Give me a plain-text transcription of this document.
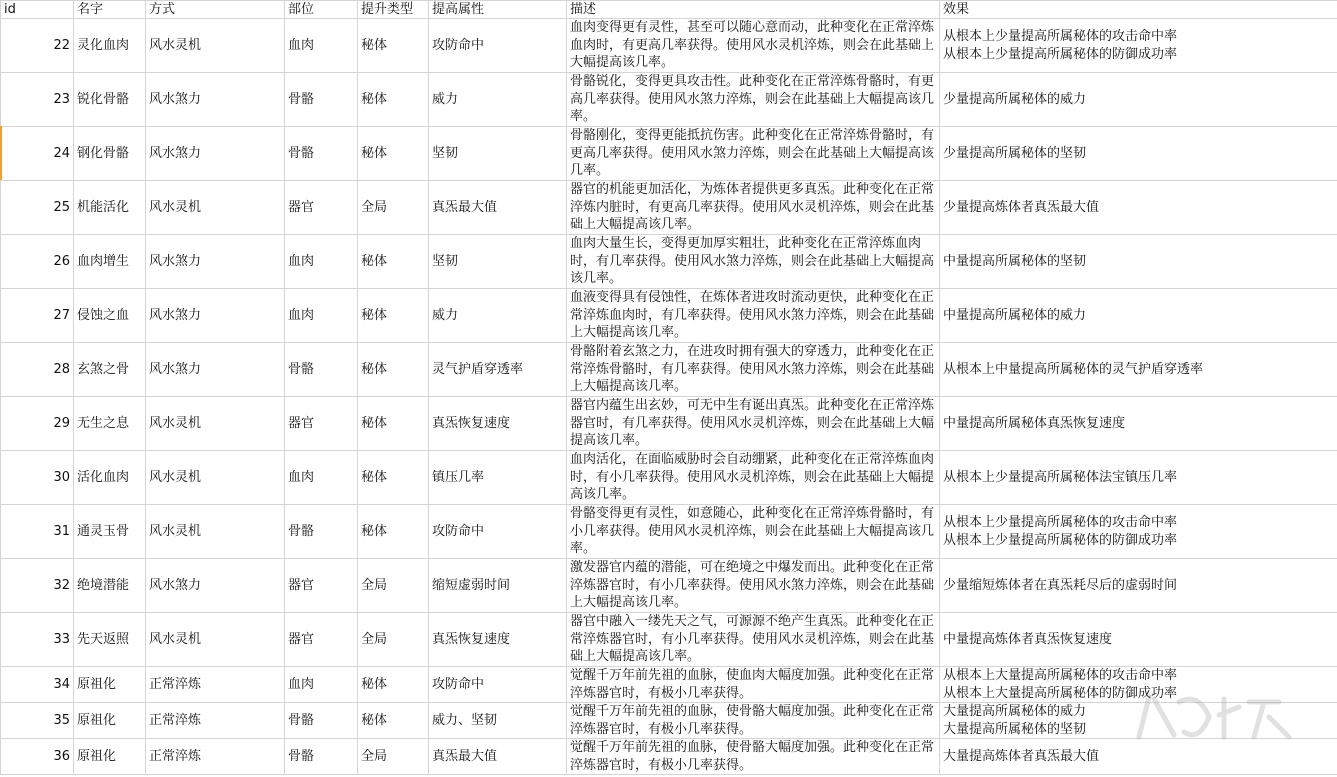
id	名字	方式	部位	提升类型	提高属性	描述	效果
22	灵化血肉	风水灵机	血肉	秘体	攻防命中	血肉变得更有灵性，甚至可以随心意而动，此种变化在正常淬炼血肉时，有更高几率获得。使用风水灵机淬炼，则会在此基础上大幅提高该几率。	从根本上少量提高所属秘体的攻击命中率
从根本上少量提高所属秘体的防御成功率

23	锐化骨骼	风水煞力	骨骼	秘体	威力	骨骼锐化，变得更具攻击性。此种变化在正常淬炼骨骼时，有更高几率获得。使用风水煞力淬炼，则会在此基础上大幅提高该几率。	少量提高所属秘体的威力

24	钢化骨骼	风水煞力	骨骼	秘体	坚韧	骨骼刚化，变得更能抵抗伤害。此种变化在正常淬炼骨骼时，有更高几率获得。使用风水煞力淬炼，则会在此基础上大幅提高该几率。	少量提高所属秘体的坚韧

25	机能活化	风水灵机	器官	全局	真炁最大值	器官的机能更加活化，为炼体者提供更多真炁。此种变化在正常淬炼内脏时，有更高几率获得。使用风水灵机淬炼，则会在此基础上大幅提高该几率。	少量提高炼体者真炁最大值

26	血肉增生	风水煞力	血肉	秘体	坚韧	血肉大量生长，变得更加厚实粗壮，此种变化在正常淬炼血肉时，有几率获得。使用风水煞力淬炼，则会在此基础上大幅提高该几率。	中量提高所属秘体的坚韧

27	侵蚀之血	风水煞力	血肉	秘体	威力	血液变得具有侵蚀性，在炼体者进攻时流动更快，此种变化在正常淬炼血肉时，有几率获得。使用风水煞力淬炼，则会在此基础上大幅提高该几率。	中量提高所属秘体的威力

28	玄煞之骨	风水煞力	骨骼	秘体	灵气护盾穿透率	骨骼附着玄煞之力，在进攻时拥有强大的穿透力，此种变化在正常淬炼骨骼时，有几率获得。使用风水煞力淬炼，则会在此基础上大幅提高该几率。	从根本上中量提高所属秘体的灵气护盾穿透率

29	无生之息	风水灵机	器官	秘体	真炁恢复速度	器官内蕴生出玄妙，可无中生有诞出真炁。此种变化在正常淬炼器官时，有几率获得。使用风水灵机淬炼，则会在此基础上大幅提高该几率。	中量提高所属秘体真炁恢复速度

30	活化血肉	风水灵机	血肉	秘体	镇压几率	血肉活化，在面临威胁时会自动绷紧，此种变化在正常淬炼血肉时，有小几率获得。使用风水灵机淬炼，则会在此基础上大幅提高该几率。	从根本上少量提高所属秘体法宝镇压几率

31	通灵玉骨	风水灵机	骨骼	秘体	攻防命中	骨骼变得更有灵性，如意随心，此种变化在正常淬炼骨骼时，有小几率获得。使用风水灵机淬炼，则会在此基础上大幅提高该几率。	从根本上少量提高所属秘体的攻击命中率
从根本上少量提高所属秘体的防御成功率

32	绝境潜能	风水煞力	器官	全局	缩短虚弱时间	激发器官内蕴的潜能，可在绝境之中爆发而出。此种变化在正常淬炼器官时，有小几率获得。使用风水煞力淬炼，则会在此基础上大幅提高该几率。	少量缩短炼体者在真炁耗尽后的虚弱时间

33	先天返照	风水灵机	器官	全局	真炁恢复速度	器官中融入一缕先天之气，可源源不绝产生真炁。此种变化在正常淬炼器官时，有小几率获得。使用风水灵机淬炼，则会在此基础上大幅提高该几率。	中量提高炼体者真炁恢复速度

34	原祖化	正常淬炼	血肉	秘体	攻防命中	觉醒千万年前先祖的血脉，使血肉大幅度加强。此种变化在正常淬炼器官时，有极小几率获得。	从根本上大量提高所属秘体的攻击命中率
从根本上大量提高所属秘体的防御成功率

35	原祖化	正常淬炼	骨骼	秘体	威力、坚韧	觉醒千万年前先祖的血脉，使骨骼大幅度加强。此种变化在正常淬炼器官时，有极小几率获得。	大量提高所属秘体的威力
大量提高所属秘体的坚韧

36	原祖化	正常淬炼	骨骼	全局	真炁最大值	觉醒千万年前先祖的血脉，使骨骼大幅度加强。此种变化在正常淬炼器官时，有极小几率获得。	大量提高炼体者真炁最大值
